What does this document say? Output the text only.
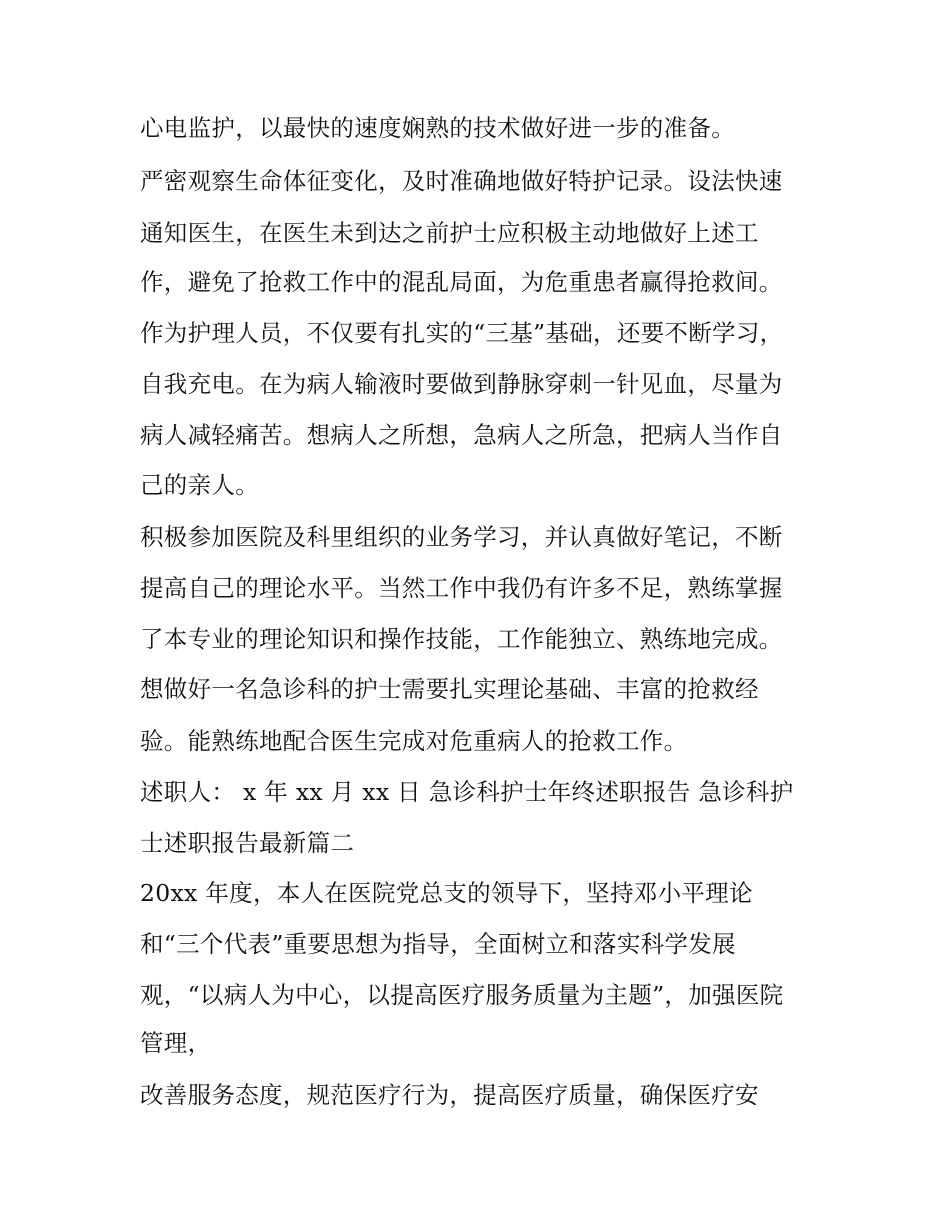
心电监护，以最快的速度娴熟的技术做好进一步的准备。
严密观察生命体征变化，及时准确地做好特护记录。设法快速
通知医生，在医生未到达之前护士应积极主动地做好上述工
作，避免了抢救工作中的混乱局面，为危重患者赢得抢救间。
作为护理人员，不仅要有扎实的“三基”基础，还要不断学习，
自我充电。在为病人输液时要做到静脉穿刺一针见血，尽量为
病人减轻痛苦。想病人之所想，急病人之所急，把病人当作自
己的亲人。
积极参加医院及科里组织的业务学习，并认真做好笔记，不断
提高自己的理论水平。当然工作中我仍有许多不足，熟练掌握
了本专业的理论知识和操作技能，工作能独立、熟练地完成。
想做好一名急诊科的护士需要扎实理论基础、丰富的抢救经
验。能熟练地配合医生完成对危重病人的抢救工作。
述职人： x 年 xx 月 xx 日 急诊科护士年终述职报告 急诊科护
士述职报告最新篇二
20xx 年度，本人在医院党总支的领导下，坚持邓小平理论
和“三个代表”重要思想为指导，全面树立和落实科学发展
观，“以病人为中心，以提高医疗服务质量为主题”，加强医院
管理，
改善服务态度，规范医疗行为，提高医疗质量，确保医疗安
